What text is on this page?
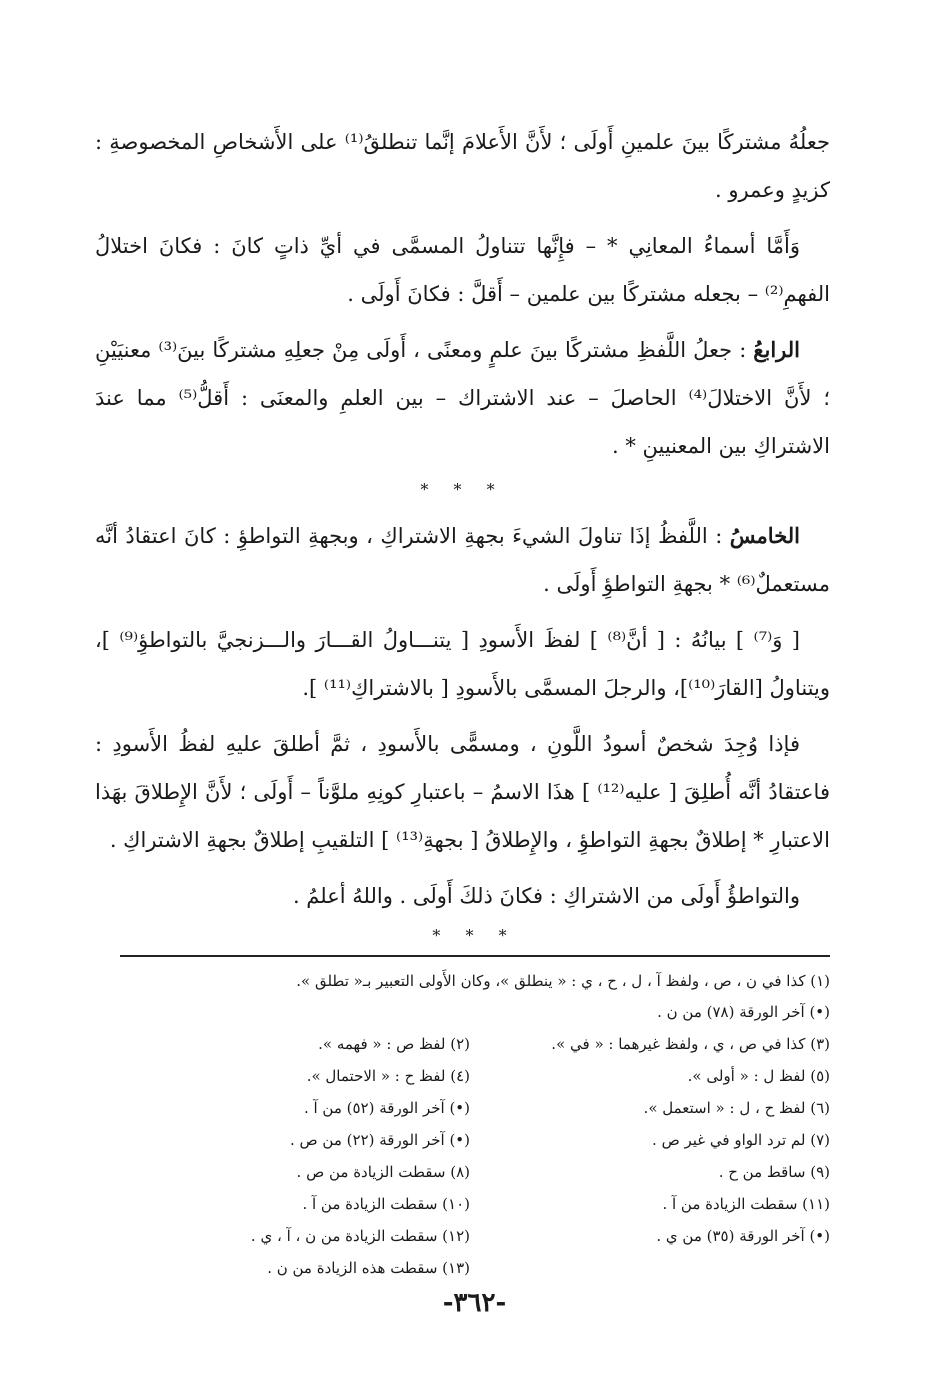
جعلُهُ مشتركًا بينَ علمينِ أَولَى ؛ لأَنَّ الأَعلامَ إنَّما تنطلقُ⁽¹⁾ على الأَشخاصِ المخصوصةِ : كزيدٍ وعمرو .

وَأَمَّا أسماءُ المعانِي * – فإِنَّها تتناولُ المسمَّى في أيِّ ذاتٍ كانَ : فكانَ اختلالُ الفهمِ⁽²⁾ – بجعله مشتركًا بين علمين – أَقلَّ : فكانَ أَولَى .

الرابعُ : جعلُ اللَّفظِ مشتركًا بينَ علمٍ ومعنًى ، أَولَى مِنْ جعلِهِ مشتركًا بينَ⁽³⁾ معنيَيْنِ ؛ لأَنَّ الاختلالَ⁽⁴⁾ الحاصلَ – عند الاشتراك – بين العلمِ والمعنَى : أَقلُّ⁽⁵⁾ مما عندَ الاشتراكِ بين المعنيينِ * .

* * *

الخامسُ : اللَّفظُ إذَا تناولَ الشيءَ بجهةِ الاشتراكِ ، وبجهةِ التواطؤِ : كانَ اعتقادُ أنَّه مستعملٌ⁽⁶⁾ * بجهةِ التواطؤِ أَولَى .

[ وَ⁽⁷⁾ ] بيانُهُ : [ أنَّ⁽⁸⁾ ] لفظَ الأَسودِ [ يتنـــاولُ القـــارَ والـــزنجيَّ بالتواطؤِ⁽⁹⁾ ]، ويتناولُ [القارَ⁽¹⁰⁾]، والرجلَ المسمَّى بالأَسودِ [ بالاشتراكِ⁽¹¹⁾ ].

فإذا وُجِدَ شخصٌ أسودُ اللَّونِ ، ومسمًّى بالأَسودِ ، ثمَّ أطلقَ عليهِ لفظُ الأَسودِ : فاعتقادُ أنَّه أُطلِقَ [ عليه⁽¹²⁾ ] هذَا الاسمُ – باعتبارِ كونِهِ ملوَّناً – أَولَى ؛ لأَنَّ الإِطلاقَ بهَذا الاعتبارِ * إطلاقٌ بجهةِ التواطؤِ ، والإِطلاقُ [ بجهةِ⁽¹³⁾ ] التلقيبِ إطلاقٌ بجهةِ الاشتراكِ .

والتواطؤُ أَولَى من الاشتراكِ : فكانَ ذلكَ أَولَى . واللهُ أعلمُ .

* * *
(١) كذا في ن ، ص ، ولفظ آ ، ل ، ح ، ي : « ينطلق »، وكان الأَولى التعبير بـ« تطلق ».
(•) آخر الورقة (٧٨) من ن .
(٣) كذا في ص ، ي ، ولفظ غيرهما : « في ».
(٢) لفظ ص : « فهمه ».
(٥) لفظ ل : « أولى ».
(٤) لفظ ح : « الاحتمال ».
(٦) لفظ ح ، ل : « استعمل ».
(•) آخر الورقة (٥٢) من آ .
(٧) لم ترد الواو في غير ص .
(•) آخر الورقة (٢٢) من ص .
(٩) ساقط من ح .
(٨) سقطت الزيادة من ص .
(١١) سقطت الزيادة من آ .
(١٠) سقطت الزيادة من آ .
(•) آخر الورقة (٣٥) من ي .
(١٢) سقطت الزيادة من ن ، آ ، ي .
(١٣) سقطت هذه الزيادة من ن .
-٣٦٢-
